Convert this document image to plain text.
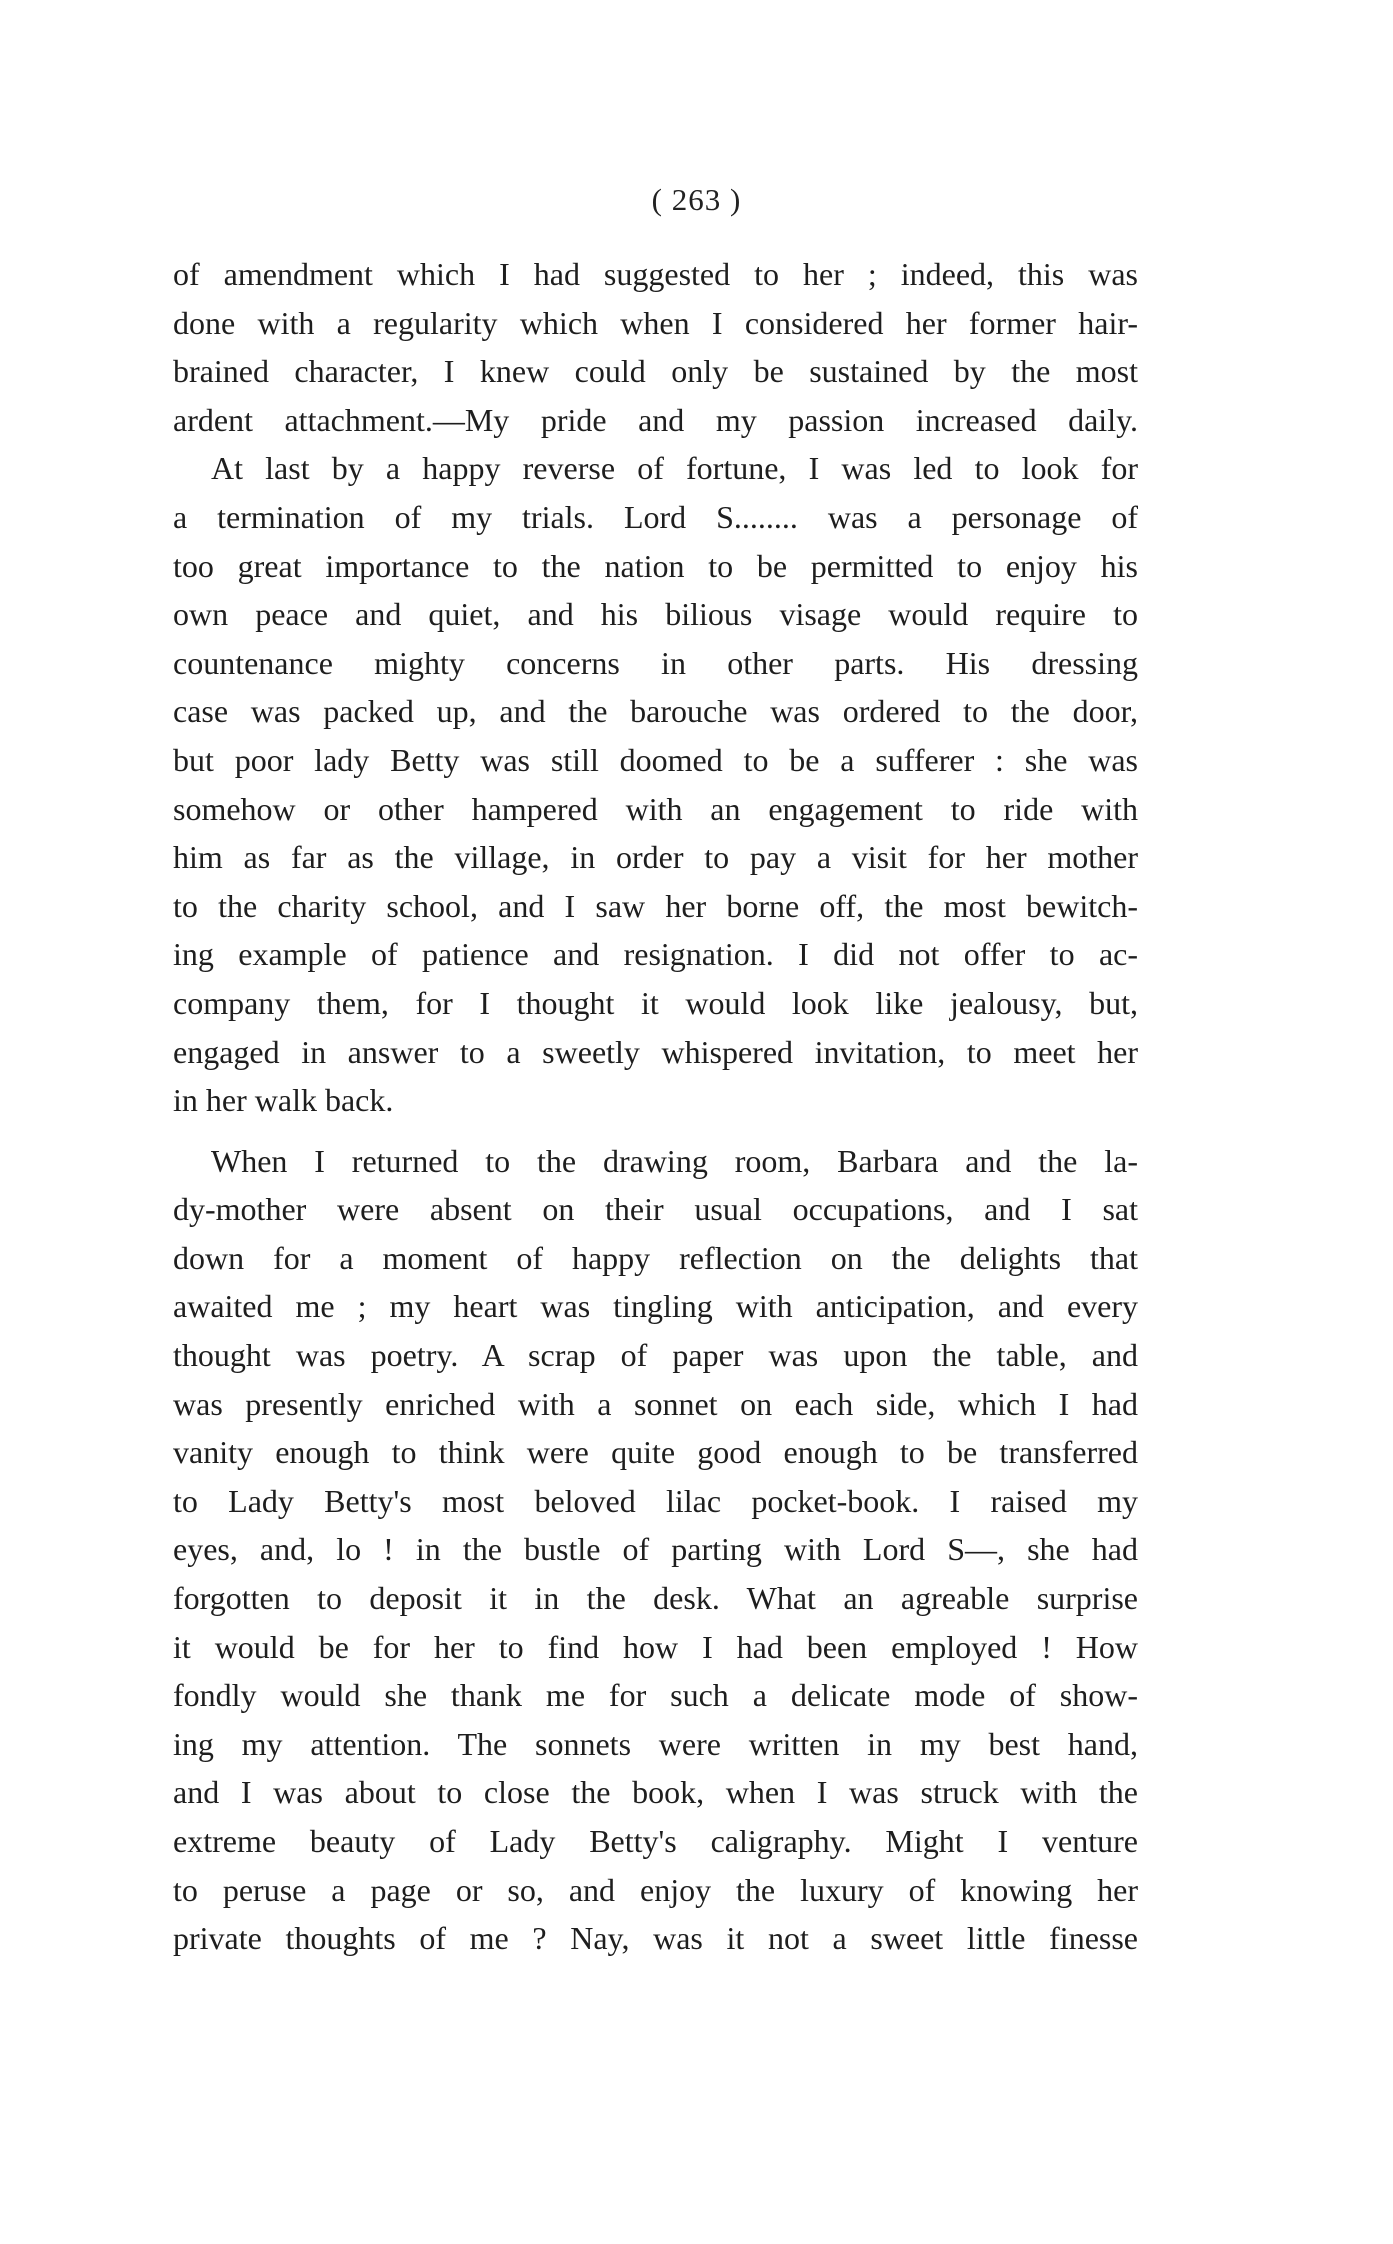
( 263 )
of amendment which I had suggested to her ; indeed, this was
done with a regularity which when I considered her former hair-
brained character, I knew could only be sustained by the most
ardent attachment.—My pride and my passion increased daily.
At last by a happy reverse of fortune, I was led to look for
a termination of my trials. Lord S........ was a personage of
too great importance to the nation to be permitted to enjoy his
own peace and quiet, and his bilious visage would require to
countenance mighty concerns in other parts. His dressing
case was packed up, and the barouche was ordered to the door,
but poor lady Betty was still doomed to be a sufferer : she was
somehow or other hampered with an engagement to ride with
him as far as the village, in order to pay a visit for her mother
to the charity school, and I saw her borne off, the most bewitch-
ing example of patience and resignation. I did not offer to ac-
company them, for I thought it would look like jealousy, but,
engaged in answer to a sweetly whispered invitation, to meet her
in her walk back.
When I returned to the drawing room, Barbara and the la-
dy-mother were absent on their usual occupations, and I sat
down for a moment of happy reflection on the delights that
awaited me ; my heart was tingling with anticipation, and every
thought was poetry. A scrap of paper was upon the table, and
was presently enriched with a sonnet on each side, which I had
vanity enough to think were quite good enough to be transferred
to Lady Betty's most beloved lilac pocket-book. I raised my
eyes, and, lo ! in the bustle of parting with Lord S—, she had
forgotten to deposit it in the desk. What an agreable surprise
it would be for her to find how I had been employed ! How
fondly would she thank me for such a delicate mode of show-
ing my attention. The sonnets were written in my best hand,
and I was about to close the book, when I was struck with the
extreme beauty of Lady Betty's caligraphy. Might I venture
to peruse a page or so, and enjoy the luxury of knowing her
private thoughts of me ? Nay, was it not a sweet little finesse
